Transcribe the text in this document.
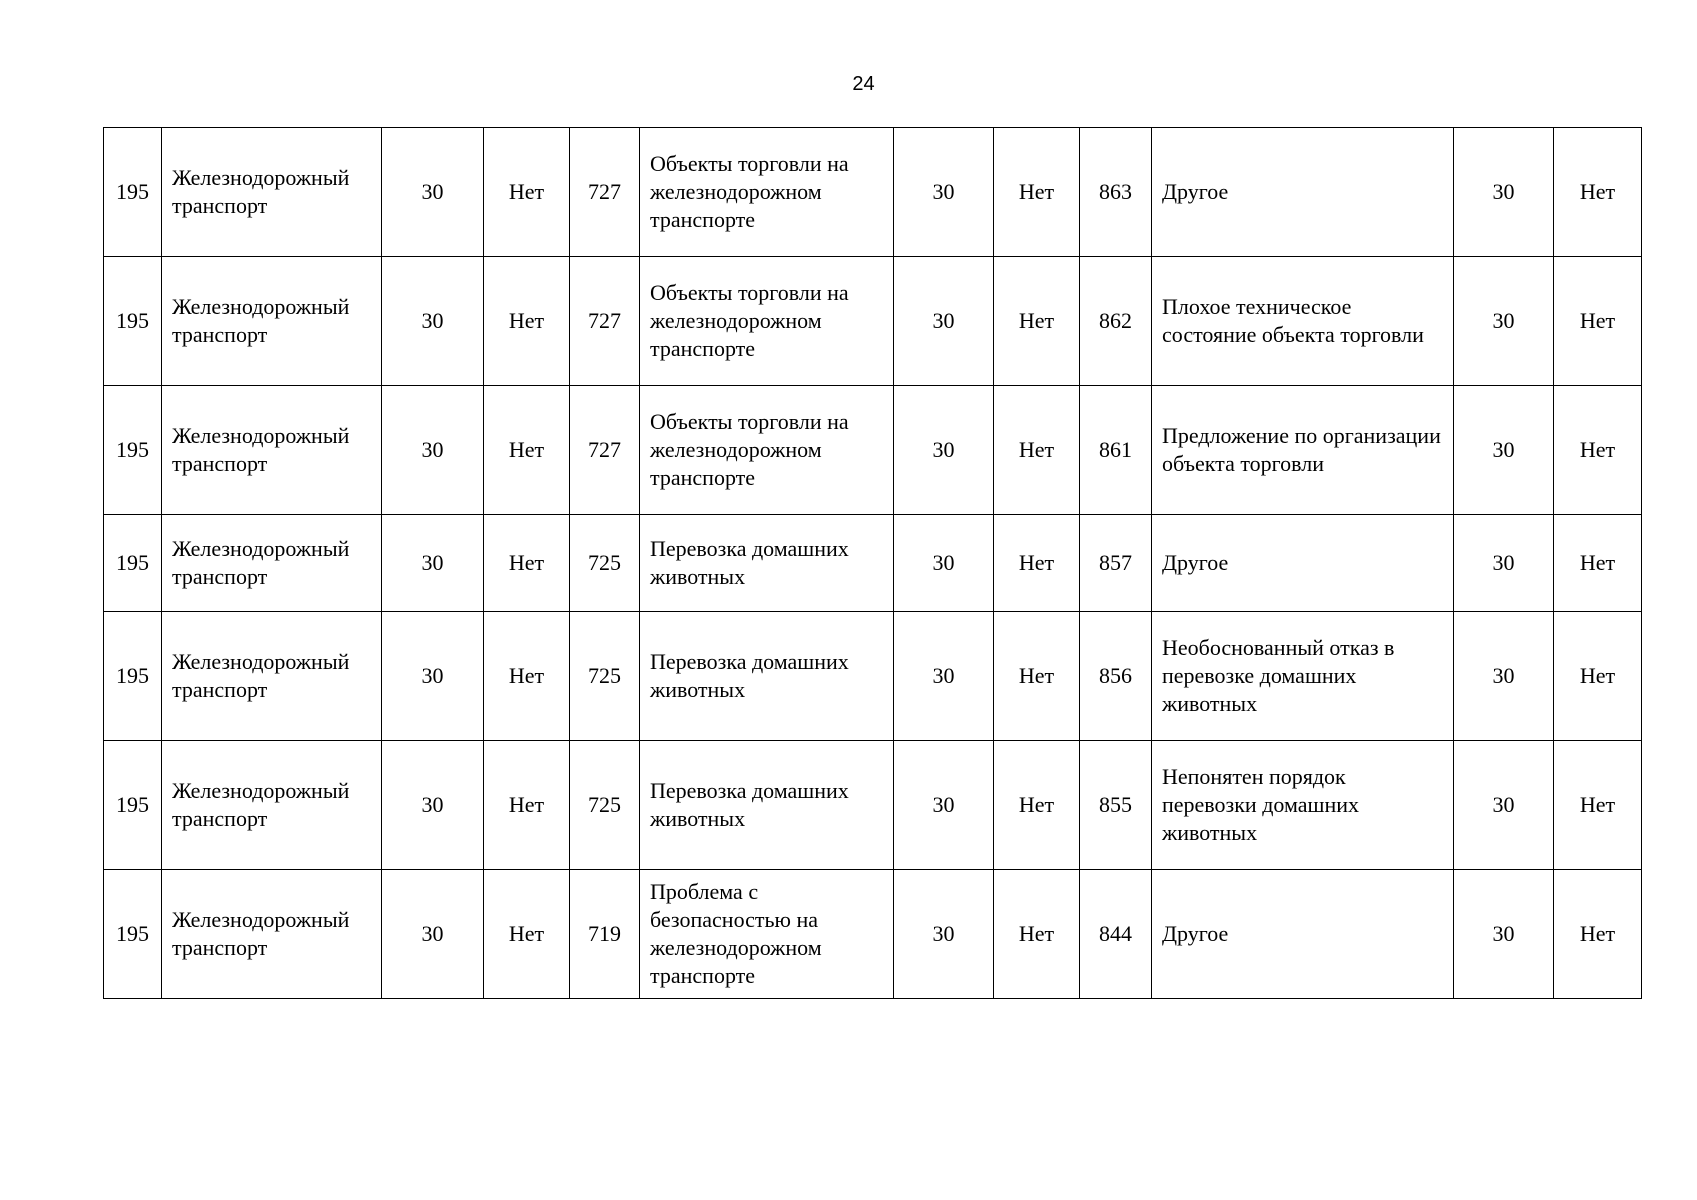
24
195	Железнодорожный транспорт	30	Нет	727	Объекты торговли на железнодорожном транспорте	30	Нет	863	Другое	30	Нет
195	Железнодорожный транспорт	30	Нет	727	Объекты торговли на железнодорожном транспорте	30	Нет	862	Плохое техническое состояние объекта торговли	30	Нет
195	Железнодорожный транспорт	30	Нет	727	Объекты торговли на железнодорожном транспорте	30	Нет	861	Предложение по организации объекта торговли	30	Нет
195	Железнодорожный транспорт	30	Нет	725	Перевозка домашних животных	30	Нет	857	Другое	30	Нет
195	Железнодорожный транспорт	30	Нет	725	Перевозка домашних животных	30	Нет	856	Необоснованный отказ в перевозке домашних животных	30	Нет
195	Железнодорожный транспорт	30	Нет	725	Перевозка домашних животных	30	Нет	855	Непонятен порядок перевозки домашних животных	30	Нет
195	Железнодорожный транспорт	30	Нет	719	Проблема с безопасностью на железнодорожном транспорте	30	Нет	844	Другое	30	Нет
